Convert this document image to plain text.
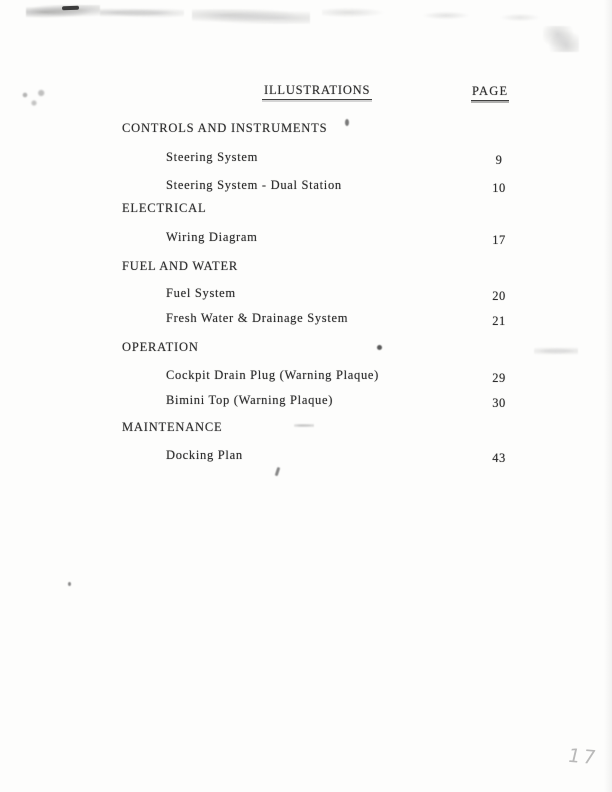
ILLUSTRATIONS	PAGE
CONTROLS AND INSTRUMENTS
Steering System	9
Steering System - Dual Station	10
ELECTRICAL
Wiring Diagram	17
FUEL AND WATER
Fuel System	20
Fresh Water & Drainage System	21
OPERATION
Cockpit Drain Plug (Warning Plaque)	29
Bimini Top (Warning Plaque)	30
MAINTENANCE
Docking Plan	43
17
